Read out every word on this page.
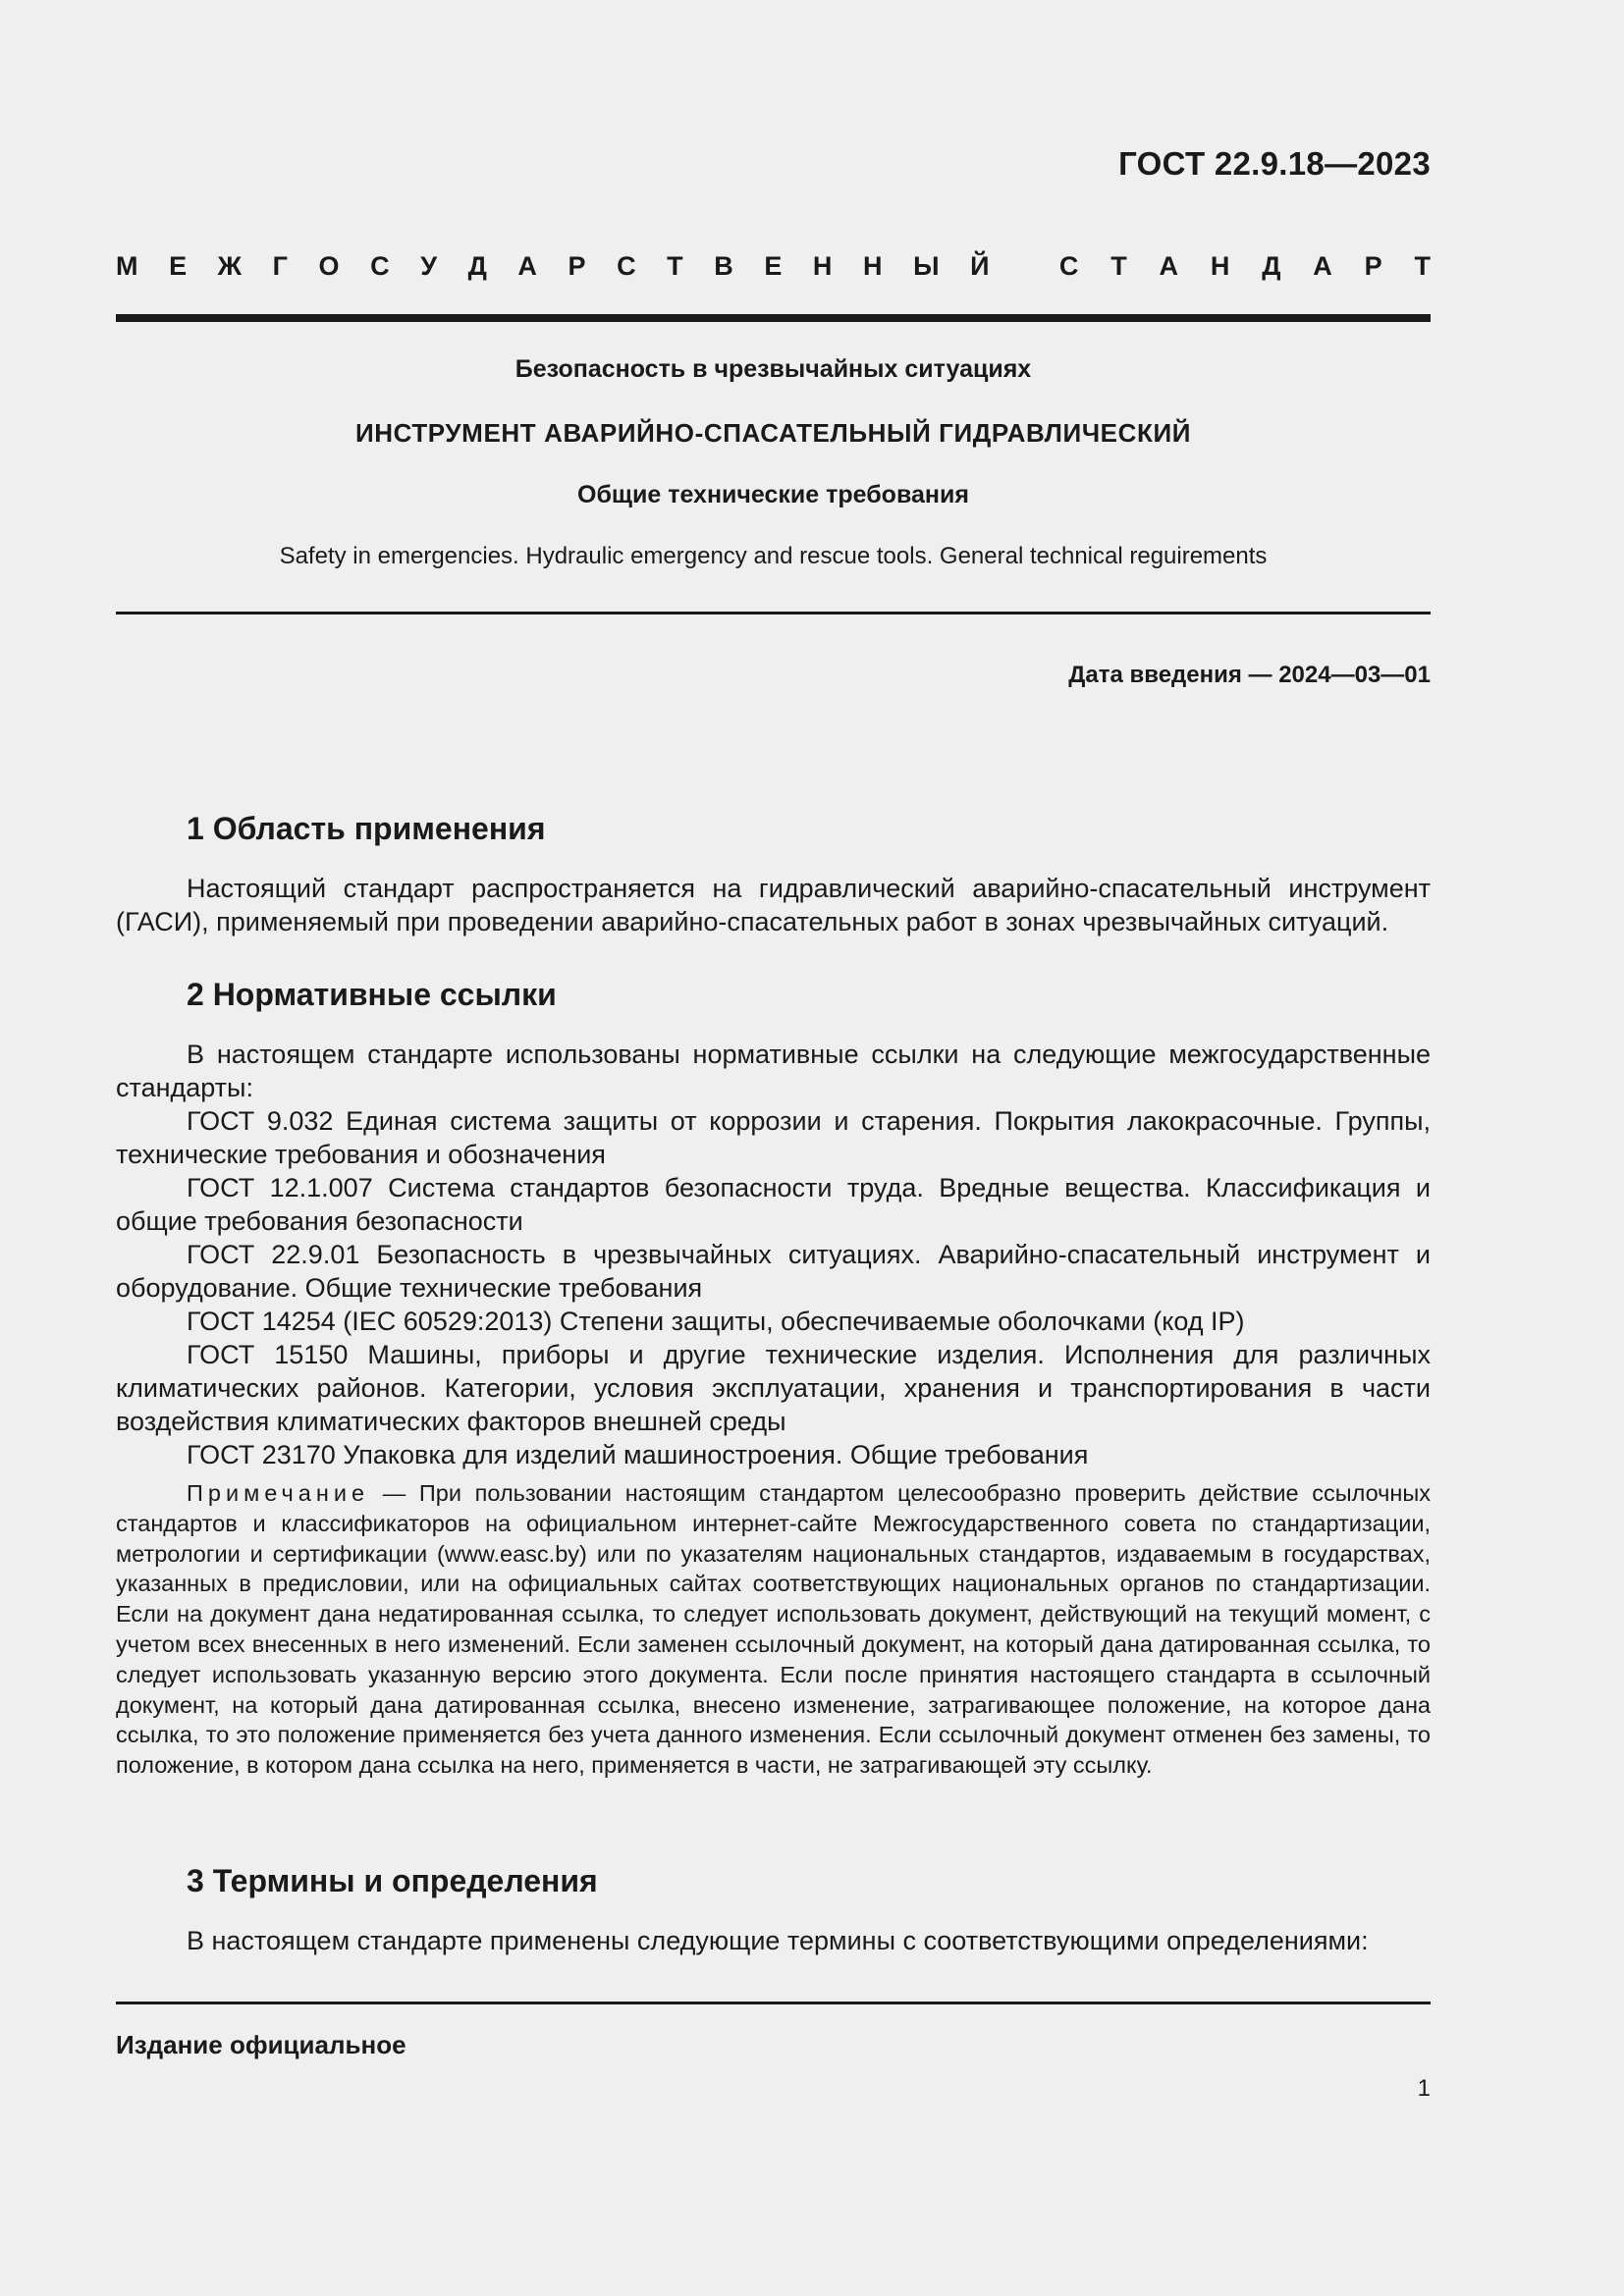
ГОСТ 22.9.18—2023
М Е Ж Г О С У Д А Р С Т В Е Н Н Ы Й	С Т А Н Д А Р Т
Безопасность в чрезвычайных ситуациях
ИНСТРУМЕНТ АВАРИЙНО-СПАСАТЕЛЬНЫЙ ГИДРАВЛИЧЕСКИЙ
Общие технические требования
Safety in emergencies. Hydraulic emergency and rescue tools. General technical reguirements
Дата введения — 2024—03—01
1 Область применения

Настоящий стандарт распространяется на гидравлический аварийно-спасательный инструмент (ГАСИ), применяемый при проведении аварийно-спасательных работ в зонах чрезвычайных ситуаций.

2 Нормативные ссылки

В настоящем стандарте использованы нормативные ссылки на следующие межгосударственные стандарты:

ГОСТ 9.032 Единая система защиты от коррозии и старения. Покрытия лакокрасочные. Группы, технические требования и обозначения

ГОСТ 12.1.007 Система стандартов безопасности труда. Вредные вещества. Классификация и общие требования безопасности

ГОСТ 22.9.01 Безопасность в чрезвычайных ситуациях. Аварийно-спасательный инструмент и оборудование. Общие технические требования

ГОСТ 14254 (IEC 60529:2013) Степени защиты, обеспечиваемые оболочками (код IP)

ГОСТ 15150 Машины, приборы и другие технические изделия. Исполнения для различных климатических районов. Категории, условия эксплуатации, хранения и транспортирования в части воздействия климатических факторов внешней среды

ГОСТ 23170 Упаковка для изделий машиностроения. Общие требования

Примечание — При пользовании настоящим стандартом целесообразно проверить действие ссылочных стандартов и классификаторов на официальном интернет-сайте Межгосударственного совета по стандартизации, метрологии и сертификации (www.easc.by) или по указателям национальных стандартов, издаваемым в государствах, указанных в предисловии, или на официальных сайтах соответствующих национальных органов по стандартизации. Если на документ дана недатированная ссылка, то следует использовать документ, действующий на текущий момент, с учетом всех внесенных в него изменений. Если заменен ссылочный документ, на который дана датированная ссылка, то следует использовать указанную версию этого документа. Если после принятия настоящего стандарта в ссылочный документ, на который дана датированная ссылка, внесено изменение, затрагивающее положение, на которое дана ссылка, то это положение применяется без учета данного изменения. Если ссылочный документ отменен без замены, то положение, в котором дана ссылка на него, применяется в части, не затрагивающей эту ссылку.

3 Термины и определения

В настоящем стандарте применены следующие термины с соответствующими определениями:

Издание официальное
1
